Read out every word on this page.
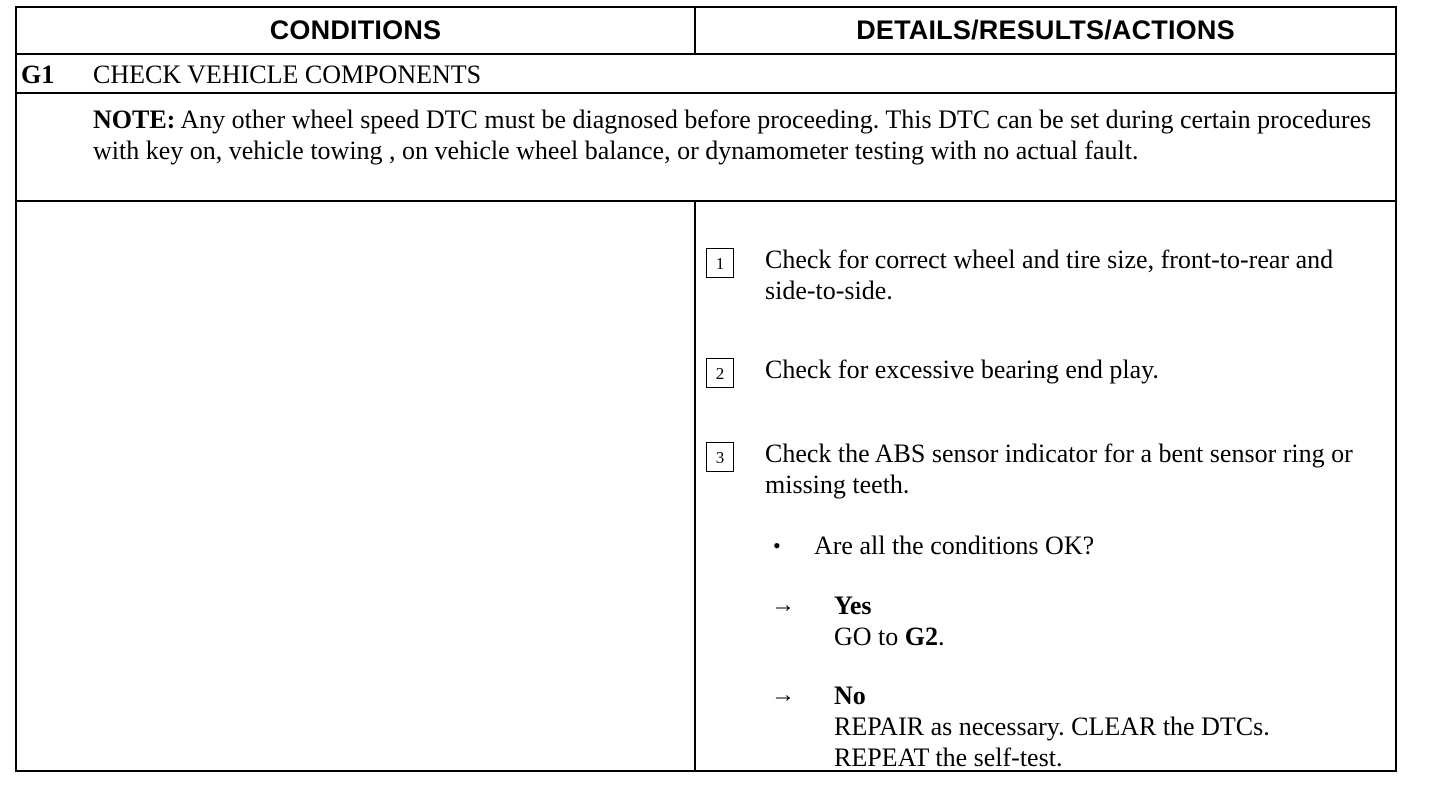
CONDITIONS	DETAILS/RESULTS/ACTIONS
G1 CHECK VEHICLE COMPONENTS
NOTE: Any other wheel speed DTC must be diagnosed before proceeding. This DTC can be set during certain procedures with key on, vehicle towing , on vehicle wheel balance, or dynamometer testing with no actual fault.
1	Check for correct wheel and tire size, front-to-rear and side-to-side.
2	Check for excessive bearing end play.
3	Check the ABS sensor indicator for a bent sensor ring or missing teeth.
• Are all the conditions OK?
→ Yes
GO to G2.
→ No
REPAIR as necessary. CLEAR the DTCs.
REPEAT the self-test.
